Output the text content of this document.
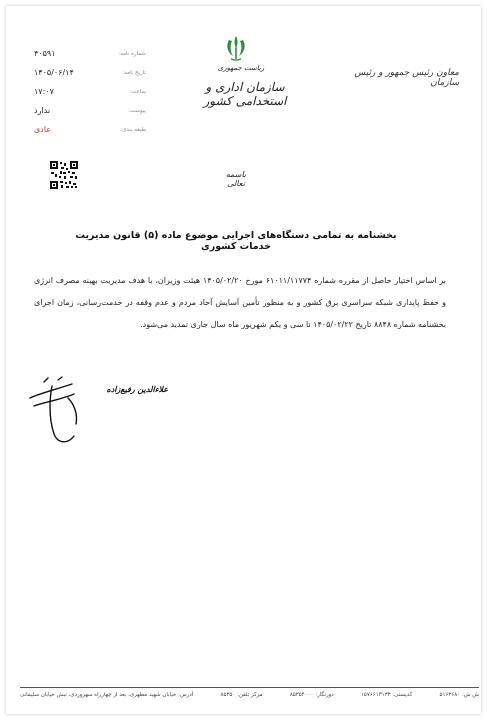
شماره نامه:
۴۰۵۹۱
تاریخ نامه:
۱۴۰۵/۰۶/۱۴
ساعت:
۱۷:۰۷
پیوست:
ندارد
طبقه بندی:
عادی
ریاست جمهوری
سازمان اداری و استخدامی کشور
معاون رئیس جمهور و رئیس سازمان
باسمه تعالی
بخشنامه به تمامی دستگاه‌های اجرایی موضوع ماده (۵) قانون مدیریت خدمات کشوری
بر اساس اختیار حاصل از مقرره شماره ۶۱۰۱۱/۱۱۷۷۴ مورخ ۱۴۰۵/۰۲/۲۰ هیئت وزیران، با هدف مدیریت بهینه مصرف انرژی و حفظ پایداری شبکه سراسری برق کشور و به منظور تأمین آسایش آحاد مردم و عدم وقفه در خدمت‌رسانی، زمان اجرای بخشنامه شماره ۸۸۴۸ تاریخ ۱۴۰۵/۰۲/۲۲ تا سی و یکم شهریور ماه سال جاری تمدید می‌شود.
علاءالدین رفیع‌زاده
آدرس: خیابان شهید مطهری، بعد از چهارراه سهروردی، نبش خیابان سلیمانی	مرکز تلفن: ۸۵۳۵۰	دورنگار: ۸۵۳۵۴۰۰۰	کدپستی: ۱۵۷۶۶۱۳۱۳۳	ش ش: ۵۱۶۳۶۸۰
